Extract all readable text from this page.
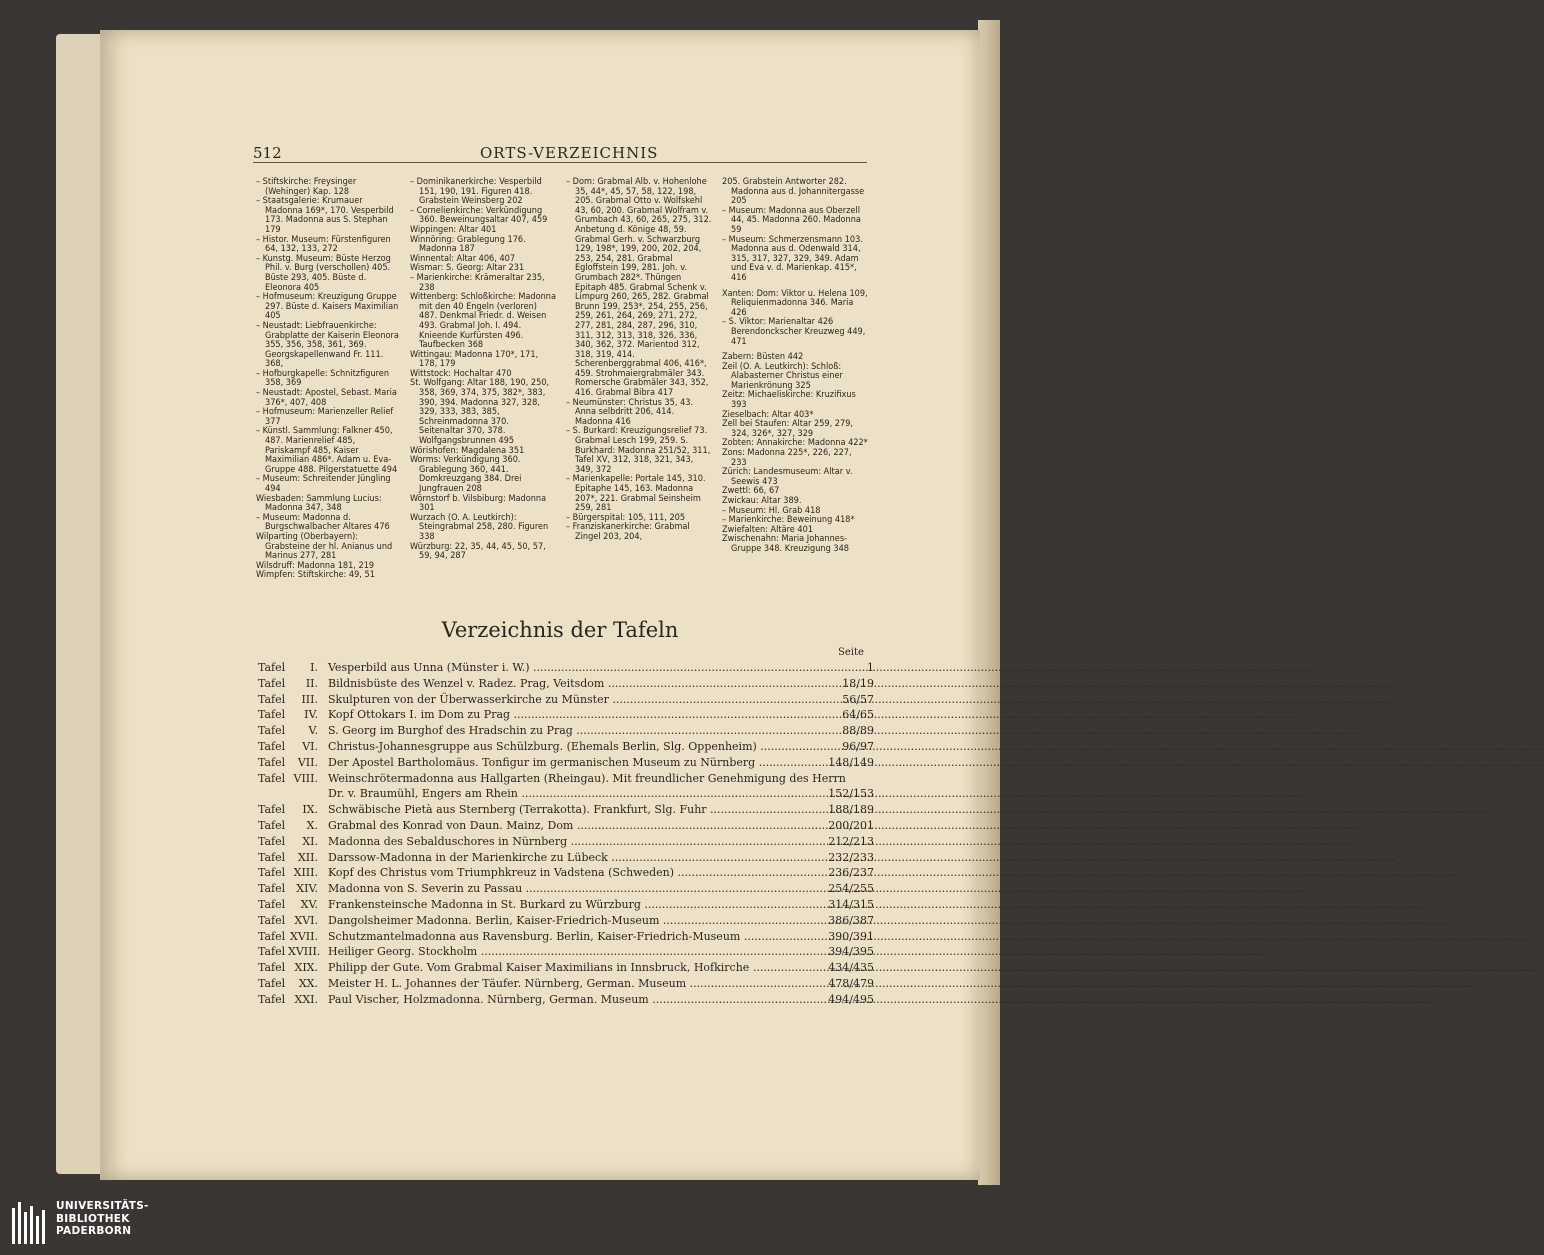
512	ORTS-VERZEICHNIS

– Stiftskirche: Freysinger (Wehinger) Kap. 128

– Staatsgalerie: Krumauer Madonna 169*, 170. Vesperbild 173. Madonna aus S. Stephan 179

– Histor. Museum: Fürstenfiguren 64, 132, 133, 272

– Kunstg. Museum: Büste Herzog Phil. v. Burg (verschollen) 405. Büste 293, 405. Büste d. Eleonora 405

– Hofmuseum: Kreuzigung Gruppe 297. Büste d. Kaisers Maximilian 405

– Neustadt: Liebfrauenkirche: Grabplatte der Kaiserin Eleonora 355, 356, 358, 361, 369. Georgskapellenwand Fr. 111. 368,

– Hofburgkapelle: Schnitzfiguren 358, 369

– Neustadt: Apostel, Sebast. Maria 376*, 407, 408

– Hofmuseum: Marienzeller Relief 377

– Künstl. Sammlung: Falkner 450, 487. Marienrelief 485, Pariskampf 485, Kaiser Maximilian 486*. Adam u. Eva-Gruppe 488. Pilgerstatuette 494

– Museum: Schreitender Jüngling 494

Wiesbaden: Sammlung Lucius: Madonna 347, 348

– Museum: Madonna d. Burgschwalbacher Altares 476

Wilparting (Oberbayern): Grabsteine der hl. Anianus und Marinus 277, 281

Wilsdruff: Madonna 181, 219

Wimpfen: Stiftskirche: 49, 51

– Dominikanerkirche: Vesperbild 151, 190, 191. Figuren 418. Grabstein Weinsberg 202

– Cornelienkirche: Verkündigung 360. Beweinungsaltar 407, 459

Wippingen: Altar 401

Winnöring: Grablegung 176. Madonna 187

Winnental: Altar 406, 407

Wismar: S. Georg: Altar 231

– Marienkirche: Krämeraltar 235, 238

Wittenberg: Schloßkirche: Madonna mit den 40 Engeln (verloren) 487. Denkmal Friedr. d. Weisen 493. Grabmal Joh. I. 494. Knieende Kurfürsten 496. Taufbecken 368

Wittingau: Madonna 170*, 171, 178, 179

Wittstock: Hochaltar 470

St. Wolfgang: Altar 188, 190, 250, 358, 369, 374, 375, 382*, 383, 390, 394. Madonna 327, 328, 329, 333, 383, 385, Schreinmadonna 370. Seitenaltar 370, 378. Wolfgangsbrunnen 495

Wörishofen: Magdalena 351

Worms: Verkündigung 360. Grablegung 360, 441. Domkreuzgang 384. Drei Jungfrauen 208

Wörnstorf b. Vilsbiburg: Madonna 301

Wurzach (O. A. Leutkirch): Steingrabmal 258, 280. Figuren 338

Würzburg: 22, 35, 44, 45, 50, 57, 59, 94, 287

– Dom: Grabmal Alb. v. Hohenlohe 35, 44*, 45, 57, 58, 122, 198, 205. Grabmal Otto v. Wolfskehl 43, 60, 200. Grabmal Wolfram v. Grumbach 43, 60, 265, 275, 312. Anbetung d. Könige 48, 59. Grabmal Gerh. v. Schwarzburg 129, 198*, 199, 200, 202, 204, 253, 254, 281. Grabmal Egloffstein 199, 281. Joh. v. Grumbach 282*. Thüngen Epitaph 485. Grabmal Schenk v. Limpurg 260, 265, 282. Grabmal Brunn 199, 253*, 254, 255, 256, 259, 261, 264, 269, 271, 272, 277, 281, 284, 287, 296, 310, 311, 312, 313, 318, 326, 336, 340, 362, 372. Marientod 312, 318, 319, 414. Scherenberggrabmal 406, 416*, 459. Strohmaiergrabmäler 343. Romersche Grabmäler 343, 352, 416. Grabmal Bibra 417

– Neumünster: Christus 35, 43. Anna selbdritt 206, 414. Madonna 416

– S. Burkard: Kreuzigungsrelief 73. Grabmal Lesch 199, 259. S. Burkhard: Madonna 251/52, 311, Tafel XV, 312, 318, 321, 343, 349, 372

– Marienkapelle: Portale 145, 310. Epitaphe 145, 163. Madonna 207*, 221. Grabmal Seinsheim 259, 281

– Bürgerspital: 105, 111, 205

– Franziskanerkirche: Grabmal Zingel 203, 204,

205. Grabstein Antworter 282. Madonna aus d. Johannitergasse 205

– Museum: Madonna aus Oberzell 44, 45. Madonna 260. Madonna 59

– Museum: Schmerzensmann 103. Madonna aus d. Odenwald 314, 315, 317, 327, 329, 349. Adam und Eva v. d. Marienkap. 415*, 416

Xanten: Dom: Viktor u. Helena 109, Reliquienmadonna 346. Maria 426

– S. Viktor: Marienaltar 426 Berendonckscher Kreuzweg 449, 471

Zabern: Büsten 442

Zeil (O. A. Leutkirch): Schloß: Alabasterner Christus einer Marienkrönung 325

Zeitz: Michaeliskirche: Kruzifixus 393

Zieselbach: Altar 403*

Zell bei Staufen: Altar 259, 279, 324, 326*, 327, 329

Zobten: Annakirche: Madonna 422*

Zons: Madonna 225*, 226, 227, 233

Zürich: Landesmuseum: Altar v. Seewis 473

Zwettl: 66, 67

Zwickau: Altar 389.

– Museum: Hl. Grab 418

– Marienkirche: Beweinung 418*

Zwiefalten: Altäre 401

Zwischenahn: Maria Johannes-Gruppe 348. Kreuzigung 348

Verzeichnis der Tafeln
Seite
Tafel	I. Vesperbild aus Unna (Münster i. W.) .....	1
Tafel	II. Bildnisbüste des Wenzel v. Radez. Prag, Veitsdom .....	18/19
Tafel	III. Skulpturen von der Überwasserkirche zu Münster .....	56/57
Tafel	IV. Kopf Ottokars I. im Dom zu Prag .....	64/65
Tafel	V. S. Georg im Burghof des Hradschin zu Prag .....	88/89
Tafel	VI. Christus-Johannesgruppe aus Schülzburg. (Ehemals Berlin, Slg. Oppenheim) .....	96/97
Tafel	VII. Der Apostel Bartholomäus. Tonfigur im germanischen Museum zu Nürnberg .....	148/149
Tafel VIII. Weinschrötermadonna aus Hallgarten (Rheingau). Mit freundlicher Genehmigung des Herrn
Dr. v. Braumühl, Engers am Rhein .....	152/153
Tafel	IX. Schwäbische Pietà aus Sternberg (Terrakotta). Frankfurt, Slg. Fuhr .....	188/189
Tafel	X. Grabmal des Konrad von Daun. Mainz, Dom .....	200/201
Tafel	XI. Madonna des Sebalduschores in Nürnberg .....	212/213
Tafel	XII. Darssow-Madonna in der Marienkirche zu Lübeck .....	232/233
Tafel XIII. Kopf des Christus vom Triumphkreuz in Vadstena (Schweden) .....	236/237
Tafel	XIV. Madonna von S. Severin zu Passau .....	254/255
Tafel	XV. Frankensteinsche Madonna in St. Burkard zu Würzburg .....	314/315
Tafel XVI. Dangolsheimer Madonna. Berlin, Kaiser-Friedrich-Museum .....	386/387
Tafel XVII. Schutzmantelmadonna aus Ravensburg. Berlin, Kaiser-Friedrich-Museum .....	390/391
Tafel XVIII. Heiliger Georg. Stockholm .....	394/395
Tafel XIX. Philipp der Gute. Vom Grabmal Kaiser Maximilians in Innsbruck, Hofkirche .....	434/435
Tafel	XX. Meister H. L. Johannes der Täufer. Nürnberg, German. Museum .....	478/479
Tafel XXI. Paul Vischer, Holzmadonna. Nürnberg, German. Museum .....	494/495
UNIVERSITÄTS-
BIBLIOTHEK
PADERBORN
